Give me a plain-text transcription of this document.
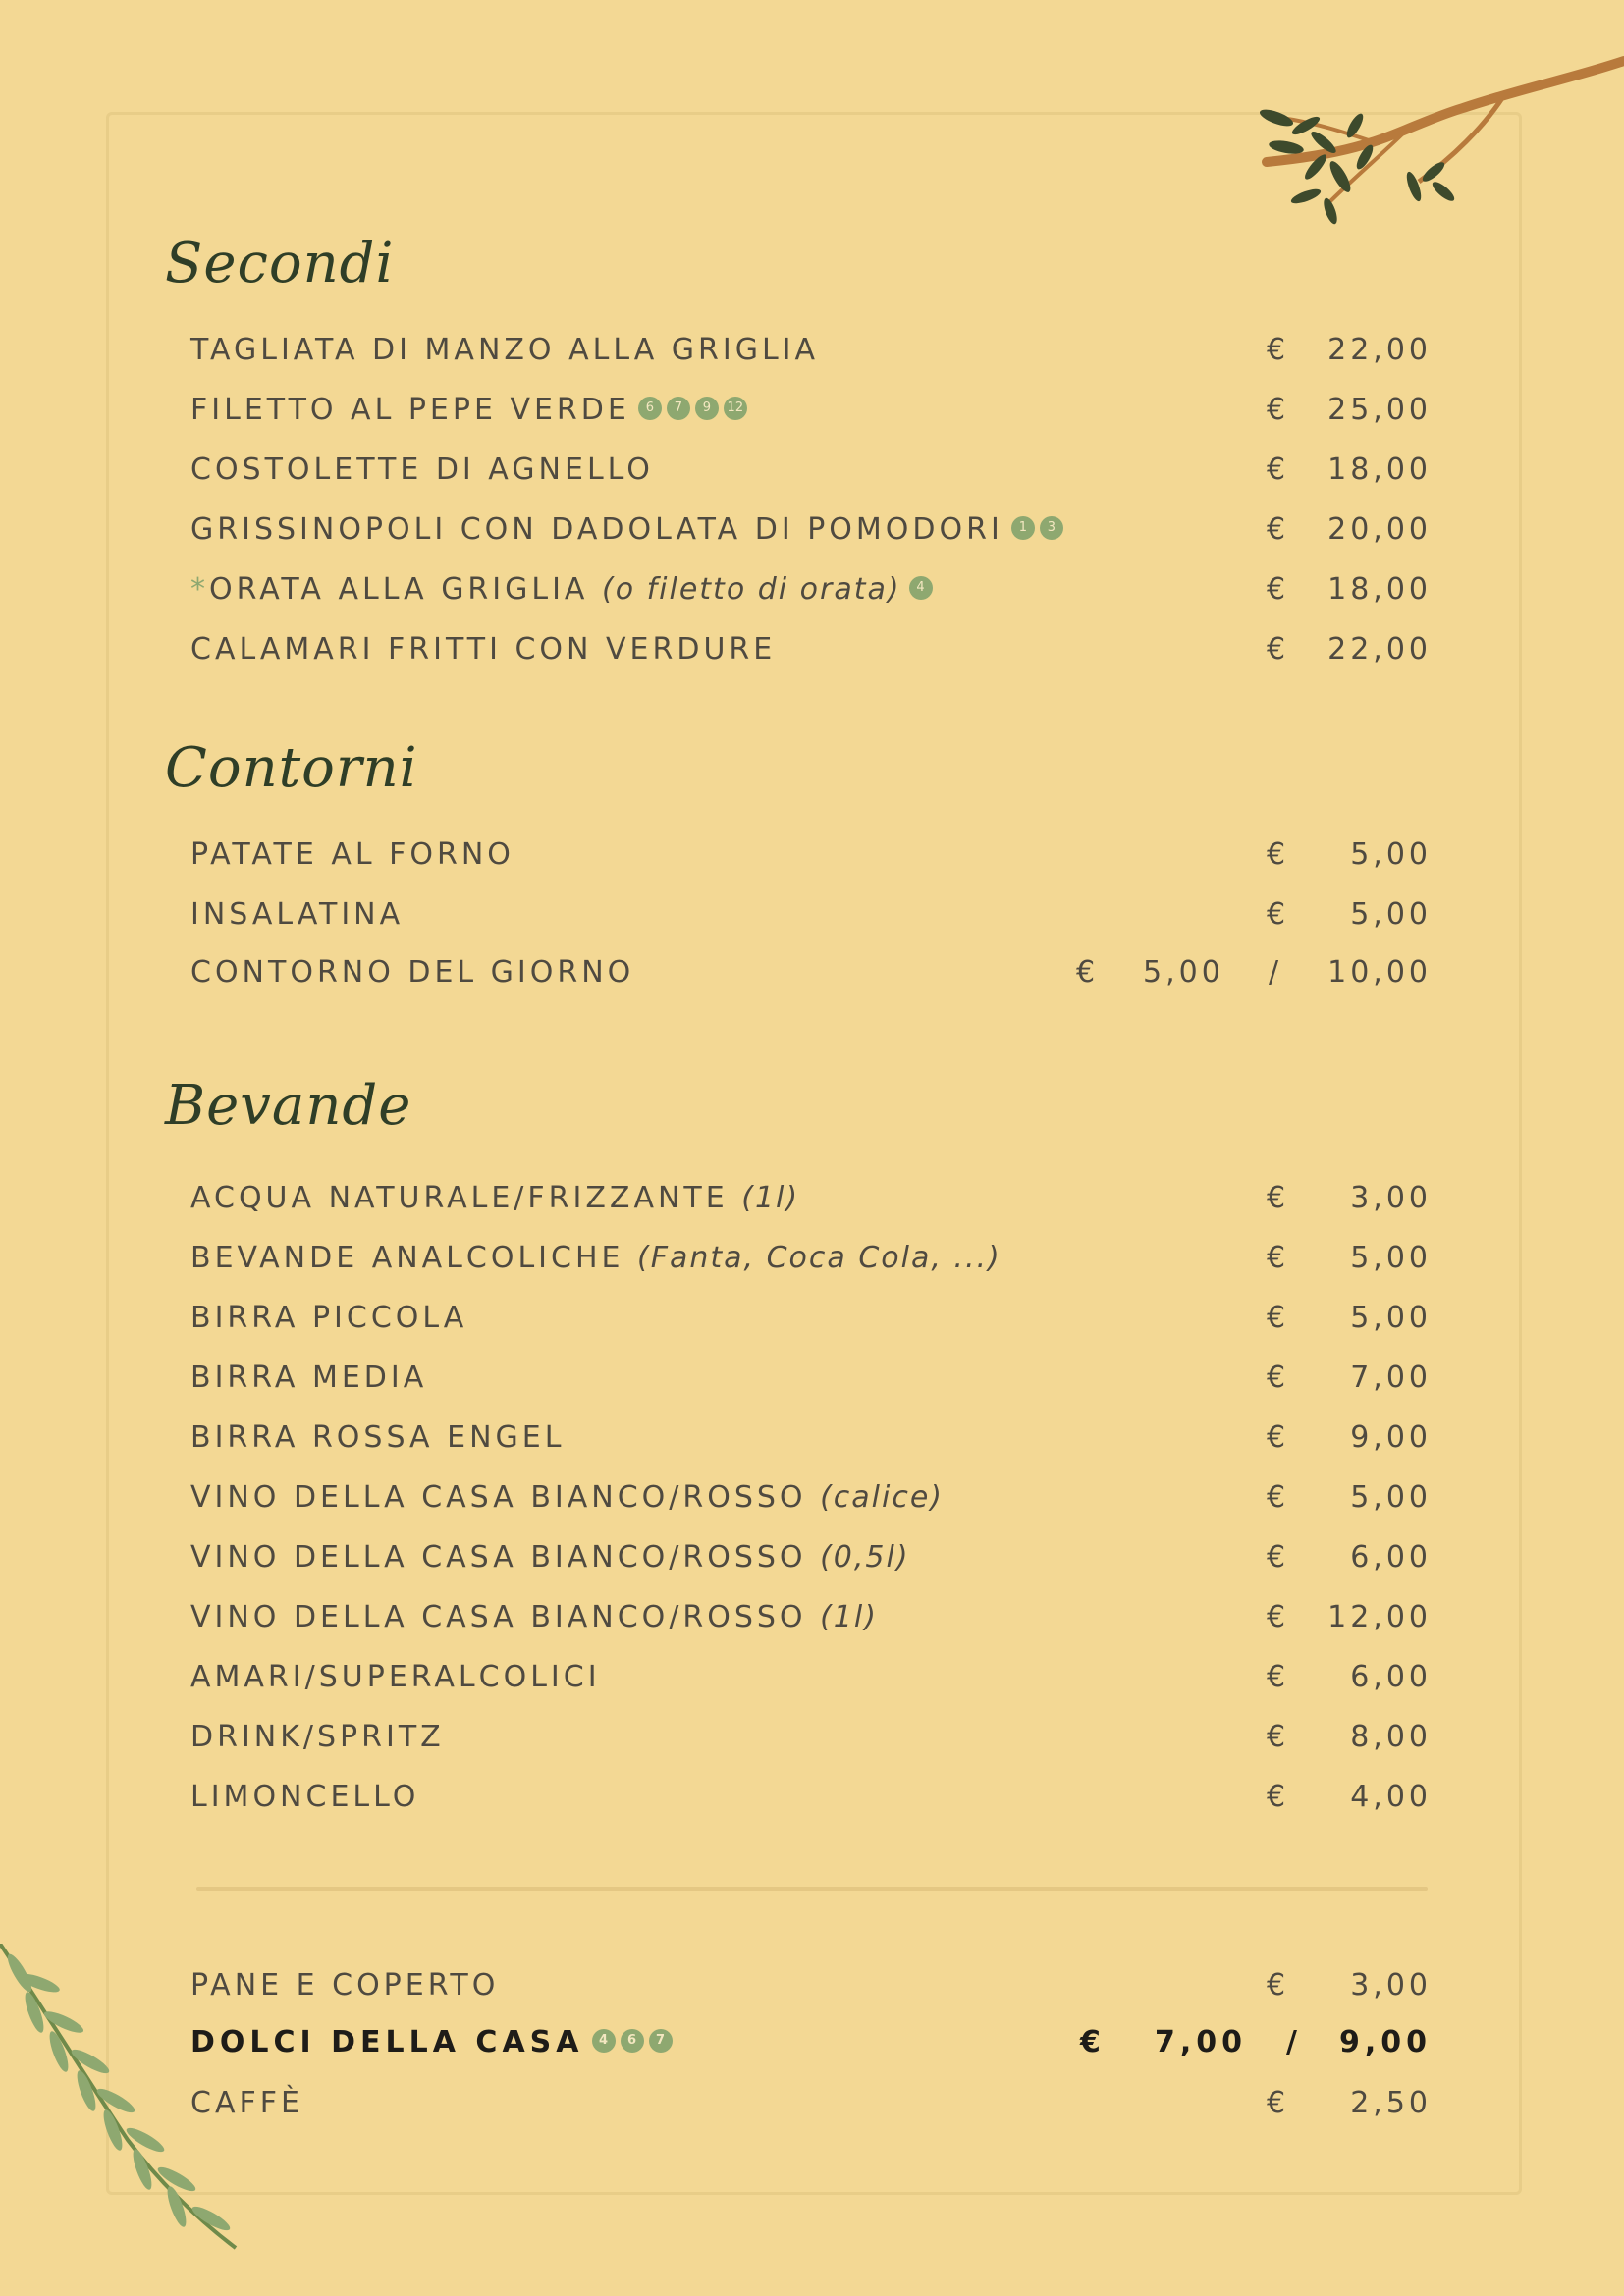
Secondi
TAGLIATA DI MANZO ALLA GRIGLIA	€ 22,00
FILETTO AL PEPE VERDE 6 7 9 12	€ 25,00
COSTOLETTE DI AGNELLO	€ 18,00
GRISSINOPOLI CON DADOLATA DI POMODORI 1 3	€ 20,00
*ORATA ALLA GRIGLIA (o filetto di orata) 4	€ 18,00
CALAMARI FRITTI CON VERDURE	€ 22,00
Contorni
PATATE AL FORNO	€ 5,00
INSALATINA	€ 5,00
CONTORNO DEL GIORNO	€ 5,00 / 10,00
Bevande
ACQUA NATURALE/FRIZZANTE (1l)	€ 3,00
BEVANDE ANALCOLICHE (Fanta, Coca Cola, ...)	€ 5,00
BIRRA PICCOLA	€ 5,00
BIRRA MEDIA	€ 7,00
BIRRA ROSSA ENGEL	€ 9,00
VINO DELLA CASA BIANCO/ROSSO (calice)	€ 5,00
VINO DELLA CASA BIANCO/ROSSO (0,5l)	€ 6,00
VINO DELLA CASA BIANCO/ROSSO (1l)	€ 12,00
AMARI/SUPERALCOLICI	€ 6,00
DRINK/SPRITZ	€ 8,00
LIMONCELLO	€ 4,00
PANE E COPERTO	€ 3,00
DOLCI DELLA CASA 4 6 7	€ 7,00 / 9,00
CAFFÈ	€ 2,50
